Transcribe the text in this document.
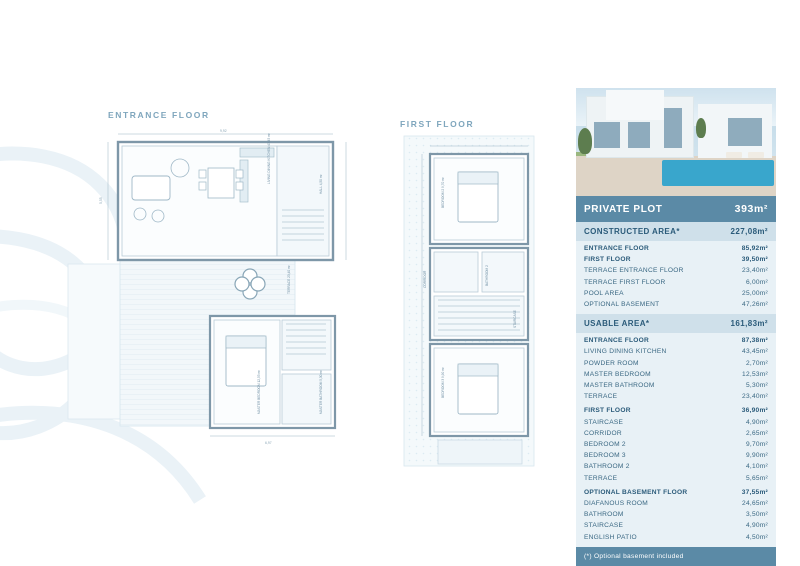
ENTRANCE FLOOR
9,92
5,55
6,97
LIVING DINING KITCHEN 43,45 m²
TERRACE 23,40 m²
HALL 4,50 m²
MASTER BATHROOM 5,30 m²
MASTER BEDROOM 12,53 m²
FIRST FLOOR
BEDROOM 2 9,70 m²
BEDROOM 3 9,90 m²
BATHROOM 2
CORRIDOR
STAIRCASE
PRIVATE PLOT	393m²
CONSTRUCTED AREA*	227,08m²
ENTRANCE FLOOR	85,92m²
FIRST FLOOR	39,50m²
TERRACE ENTRANCE FLOOR	23,40m²
TERRACE FIRST FLOOR	6,00m²
POOL AREA	25,00m²
OPTIONAL BASEMENT	47,26m²
USABLE AREA*	161,83m²
ENTRANCE FLOOR	87,38m²
LIVING DINING KITCHEN	43,45m²
POWDER ROOM	2,70m²
MASTER BEDROOM	12,53m²
MASTER BATHROOM	5,30m²
TERRACE	23,40m²
FIRST FLOOR	36,90m²
STAIRCASE	4,90m²
CORRIDOR	2,65m²
BEDROOM 2	9,70m²
BEDROOM 3	9,90m²
BATHROOM 2	4,10m²
TERRACE	5,65m²
OPTIONAL BASEMENT FLOOR	37,55m²
DIAFANOUS ROOM	24,65m²
BATHROOM	3,50m²
STAIRCASE	4,90m²
ENGLISH PATIO	4,50m²
(*) Optional basement included
